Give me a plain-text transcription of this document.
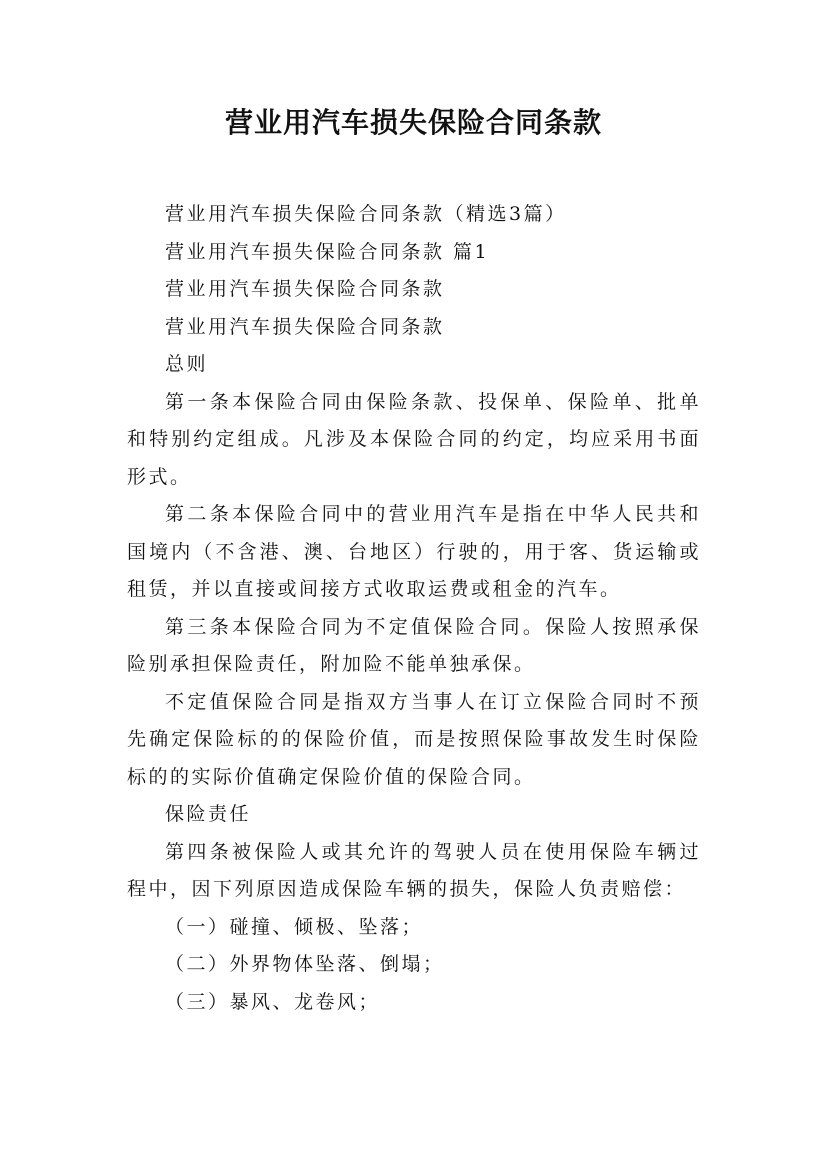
营业用汽车损失保险合同条款

营业用汽车损失保险合同条款（精选3篇）

营业用汽车损失保险合同条款 篇1

营业用汽车损失保险合同条款

营业用汽车损失保险合同条款

总则

第一条本保险合同由保险条款、投保单、保险单、批单和特别约定组成。凡涉及本保险合同的约定，均应采用书面形式。

第二条本保险合同中的营业用汽车是指在中华人民共和国境内（不含港、澳、台地区）行驶的，用于客、货运输或租赁，并以直接或间接方式收取运费或租金的汽车。

第三条本保险合同为不定值保险合同。保险人按照承保险别承担保险责任，附加险不能单独承保。

不定值保险合同是指双方当事人在订立保险合同时不预先确定保险标的的保险价值，而是按照保险事故发生时保险标的的实际价值确定保险价值的保险合同。

保险责任

第四条被保险人或其允许的驾驶人员在使用保险车辆过程中，因下列原因造成保险车辆的损失，保险人负责赔偿：

（一）碰撞、倾极、坠落；

（二）外界物体坠落、倒塌；

（三）暴风、龙卷风；
